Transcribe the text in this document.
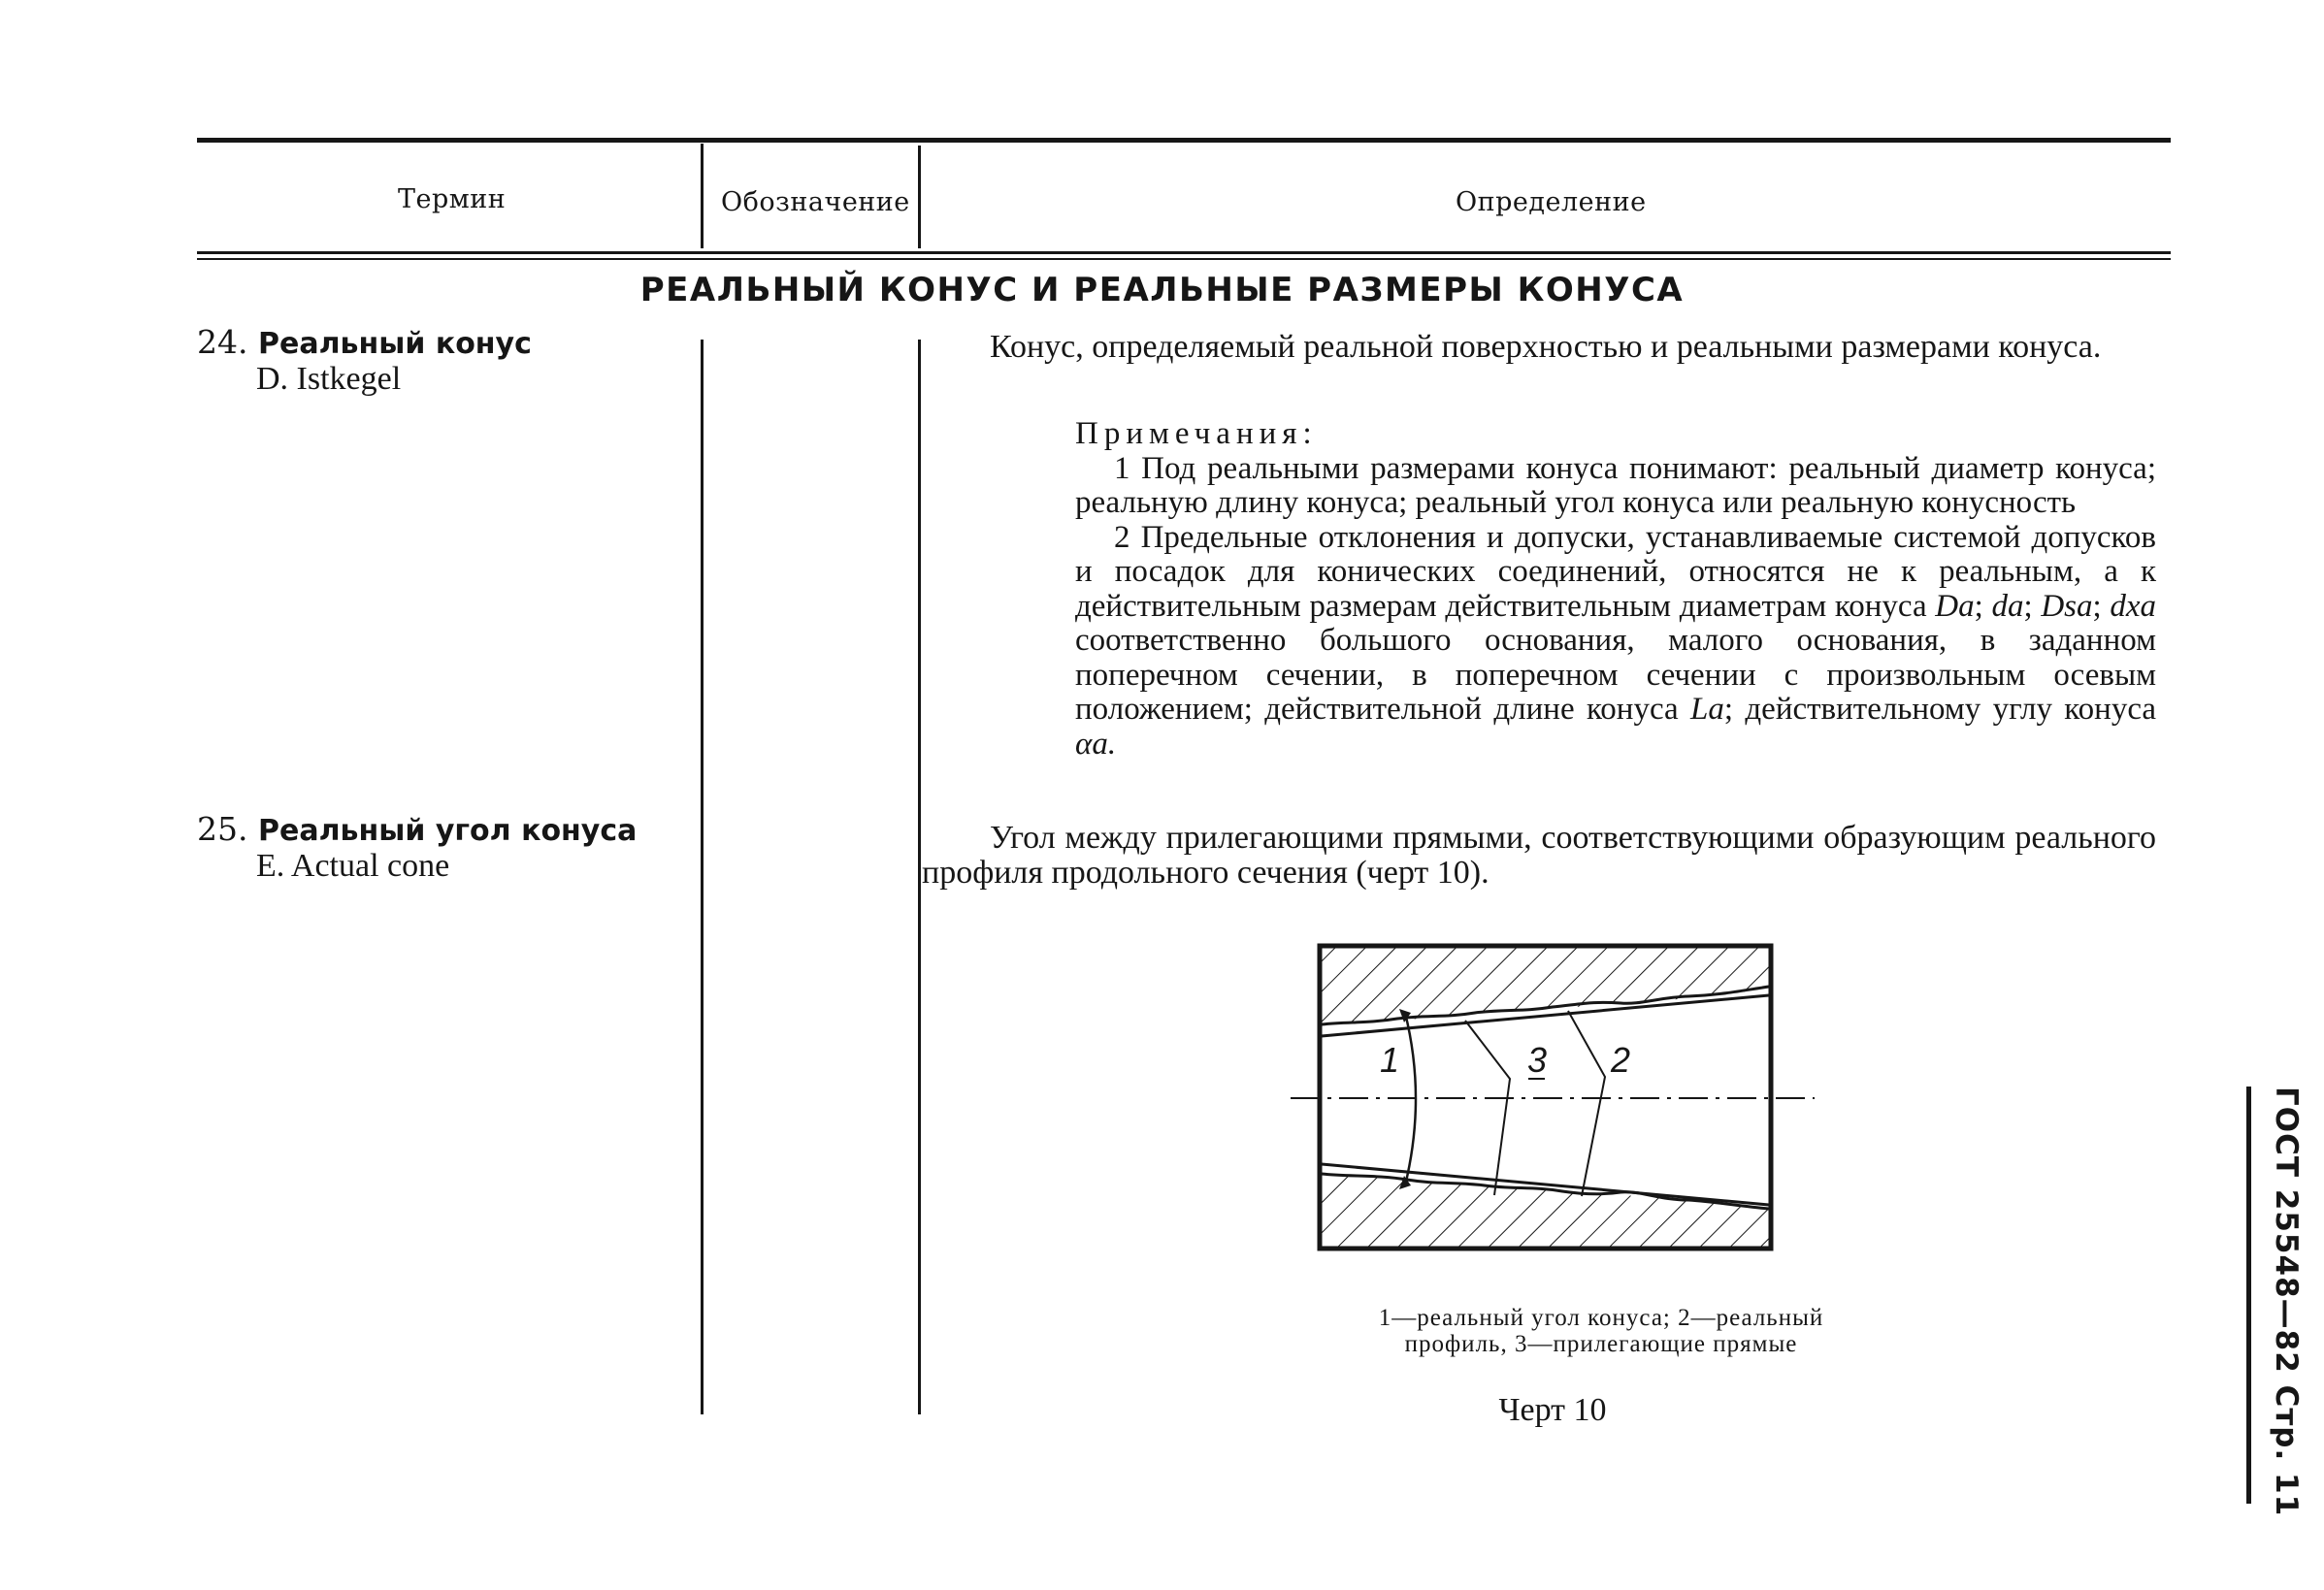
Термин	Обозначение	Определение
РЕАЛЬНЫЙ КОНУС И РЕАЛЬНЫЕ РАЗМЕРЫ КОНУСА
24. Реальный конус
D. Istkegel
Конус, определяемый реальной поверхностью и реальными размерами конуса.
Примечания:
1 Под реальными размерами конуса понимают: реальный диаметр конуса; реальную длину конуса; реальный угол конуса или реальную конусность
2 Предельные отклонения и допуски, устанавливаемые системой допусков и посадок для конических соединений, относятся не к реальным, а к действительным размерам действительным диаметрам конуса Dа; dа; Dsа; dxа соответственно большого основания, малого основания, в заданном поперечном сечении, в поперечном сечении с произвольным осевым положением; действительной длине конуса Lа; действительному углу конуса αа.
25. Реальный угол конуса
E. Actual cone
Угол между прилегающими прямыми, соответствующими образующим реального профиля продольного сечения (черт 10).
1	3 2
1—реальный угол конуса; 2—реальный профиль, 3—прилегающие прямые
Черт 10	ГОСТ 25548—82 Стр. 11
